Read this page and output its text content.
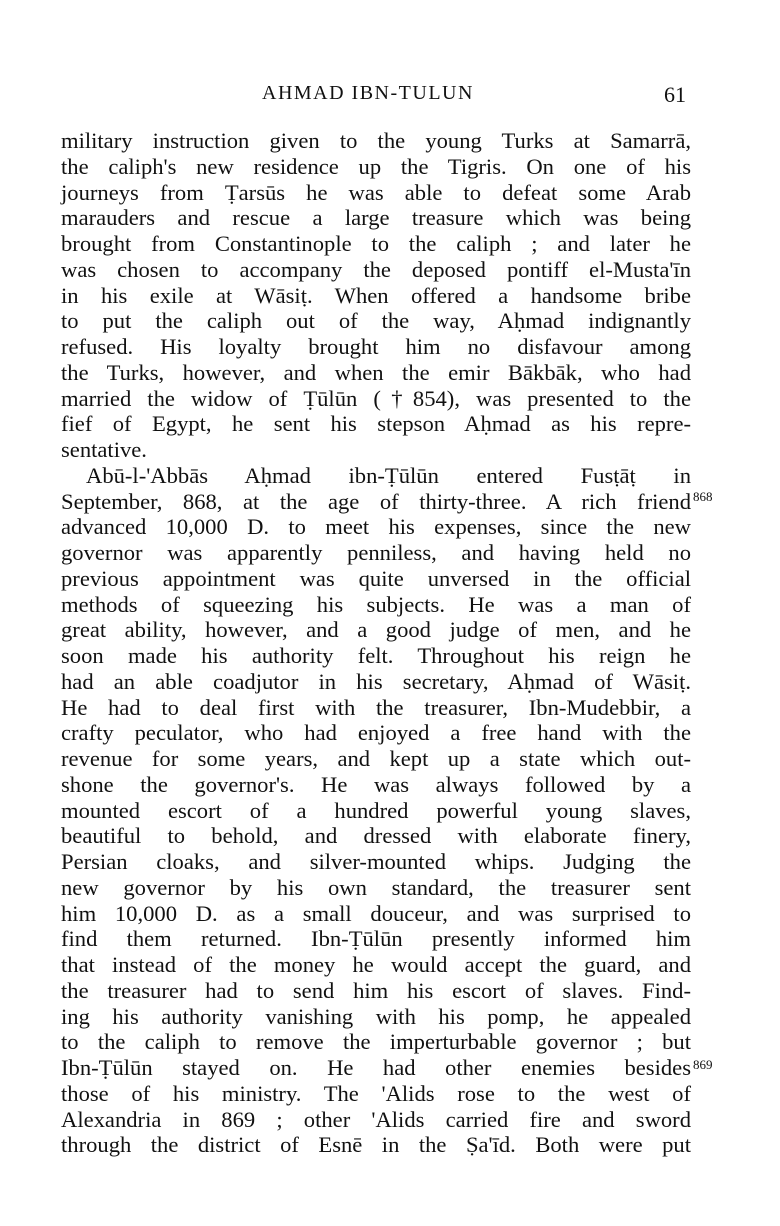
AHMAD IBN-TULUN	61
military instruction given to the young Turks at Samarrā,
the caliph's new residence up the Tigris. On one of his
journeys from Ṭarsūs he was able to defeat some Arab
marauders and rescue a large treasure which was being
brought from Constantinople to the caliph ; and later he
was chosen to accompany the deposed pontiff el-Musta'īn
in his exile at Wāsiṭ. When offered a handsome bribe
to put the caliph out of the way, Aḥmad indignantly
refused. His loyalty brought him no disfavour among
the Turks, however, and when the emir Bākbāk, who had
married the widow of Ṭūlūn (†854), was presented to the
fief of Egypt, he sent his stepson Aḥmad as his repre-
sentative.
Abū-l-'Abbās Aḥmad ibn-Ṭūlūn entered Fusṭāṭ in
September, 868, at the age of thirty-three. A rich friend
advanced 10,000 D. to meet his expenses, since the new
governor was apparently penniless, and having held no
previous appointment was quite unversed in the official
methods of squeezing his subjects. He was a man of
great ability, however, and a good judge of men, and he
soon made his authority felt. Throughout his reign he
had an able coadjutor in his secretary, Aḥmad of Wāsiṭ.
He had to deal first with the treasurer, Ibn-Mudebbir, a
crafty peculator, who had enjoyed a free hand with the
revenue for some years, and kept up a state which out-
shone the governor's. He was always followed by a
mounted escort of a hundred powerful young slaves,
beautiful to behold, and dressed with elaborate finery,
Persian cloaks, and silver-mounted whips. Judging the
new governor by his own standard, the treasurer sent
him 10,000 D. as a small douceur, and was surprised to
find them returned. Ibn-Ṭūlūn presently informed him
that instead of the money he would accept the guard, and
the treasurer had to send him his escort of slaves. Find-
ing his authority vanishing with his pomp, he appealed
to the caliph to remove the imperturbable governor ; but
Ibn-Ṭūlūn stayed on. He had other enemies besides
those of his ministry. The 'Alids rose to the west of
Alexandria in 869 ; other 'Alids carried fire and sword
through the district of Esnē in the Ṣa'īd. Both were put
868
869
